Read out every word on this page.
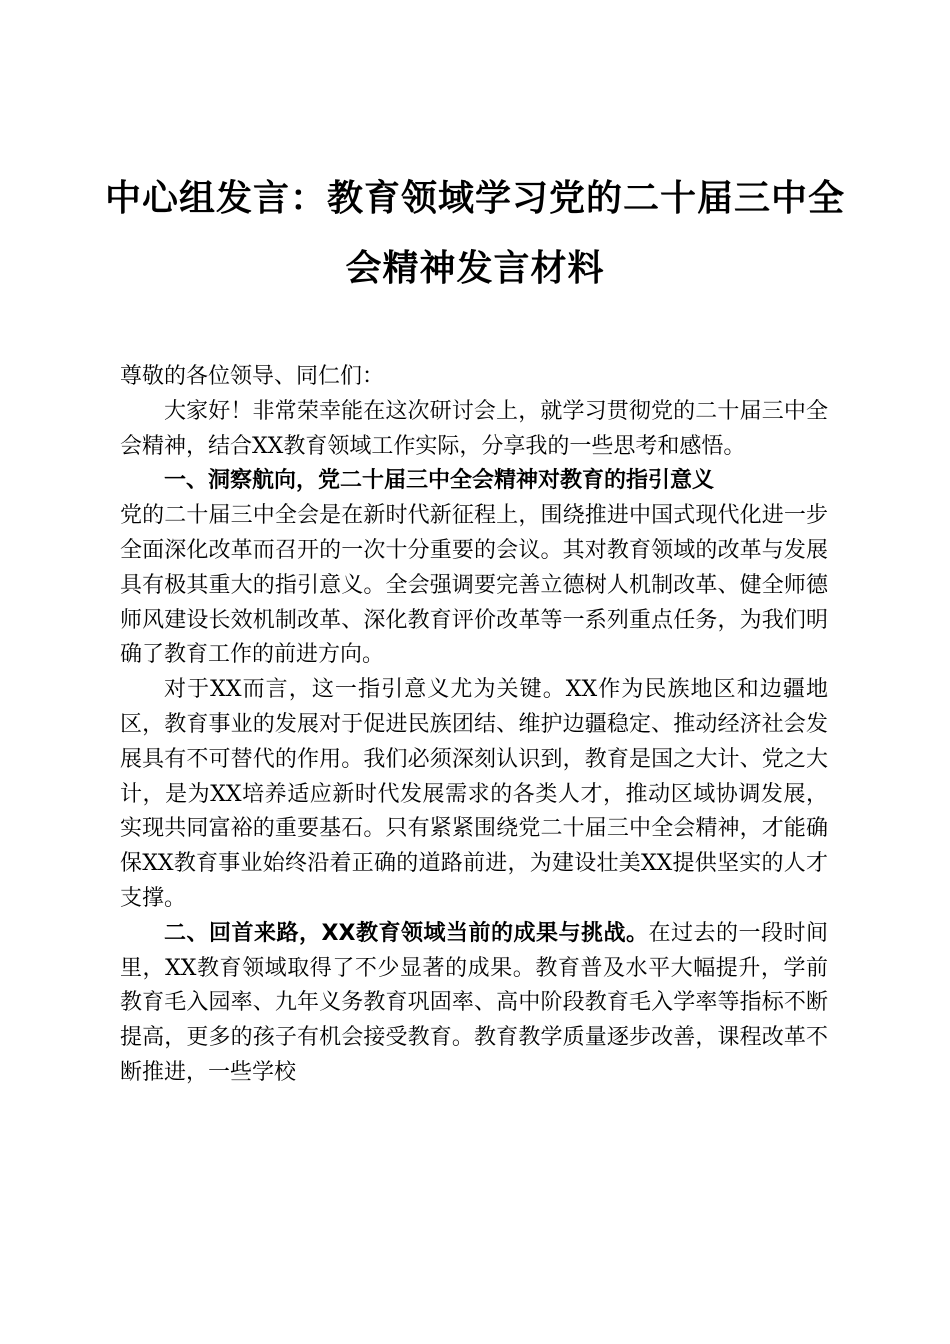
中心组发言：教育领域学习党的二十届三中全
会精神发言材料

尊敬的各位领导、同仁们：

大家好！非常荣幸能在这次研讨会上，就学习贯彻党的二十届三中全会精神，结合XX教育领域工作实际，分享我的一些思考和感悟。

一、洞察航向，党二十届三中全会精神对教育的指引意义

党的二十届三中全会是在新时代新征程上，围绕推进中国式现代化进一步全面深化改革而召开的一次十分重要的会议。其对教育领域的改革与发展具有极其重大的指引意义。全会强调要完善立德树人机制改革、健全师德师风建设长效机制改革、深化教育评价改革等一系列重点任务，为我们明确了教育工作的前进方向。

对于XX而言，这一指引意义尤为关键。XX作为民族地区和边疆地区，教育事业的发展对于促进民族团结、维护边疆稳定、推动经济社会发展具有不可替代的作用。我们必须深刻认识到，教育是国之大计、党之大计，是为XX培养适应新时代发展需求的各类人才，推动区域协调发展，实现共同富裕的重要基石。只有紧紧围绕党二十届三中全会精神，才能确保XX教育事业始终沿着正确的道路前进，为建设壮美XX提供坚实的人才支撑。

二、回首来路，XX教育领域当前的成果与挑战。在过去的一段时间里，XX教育领域取得了不少显著的成果。教育普及水平大幅提升，学前教育毛入园率、九年义务教育巩固率、高中阶段教育毛入学率等指标不断提高，更多的孩子有机会接受教育。教育教学质量逐步改善，课程改革不断推进，一些学校
